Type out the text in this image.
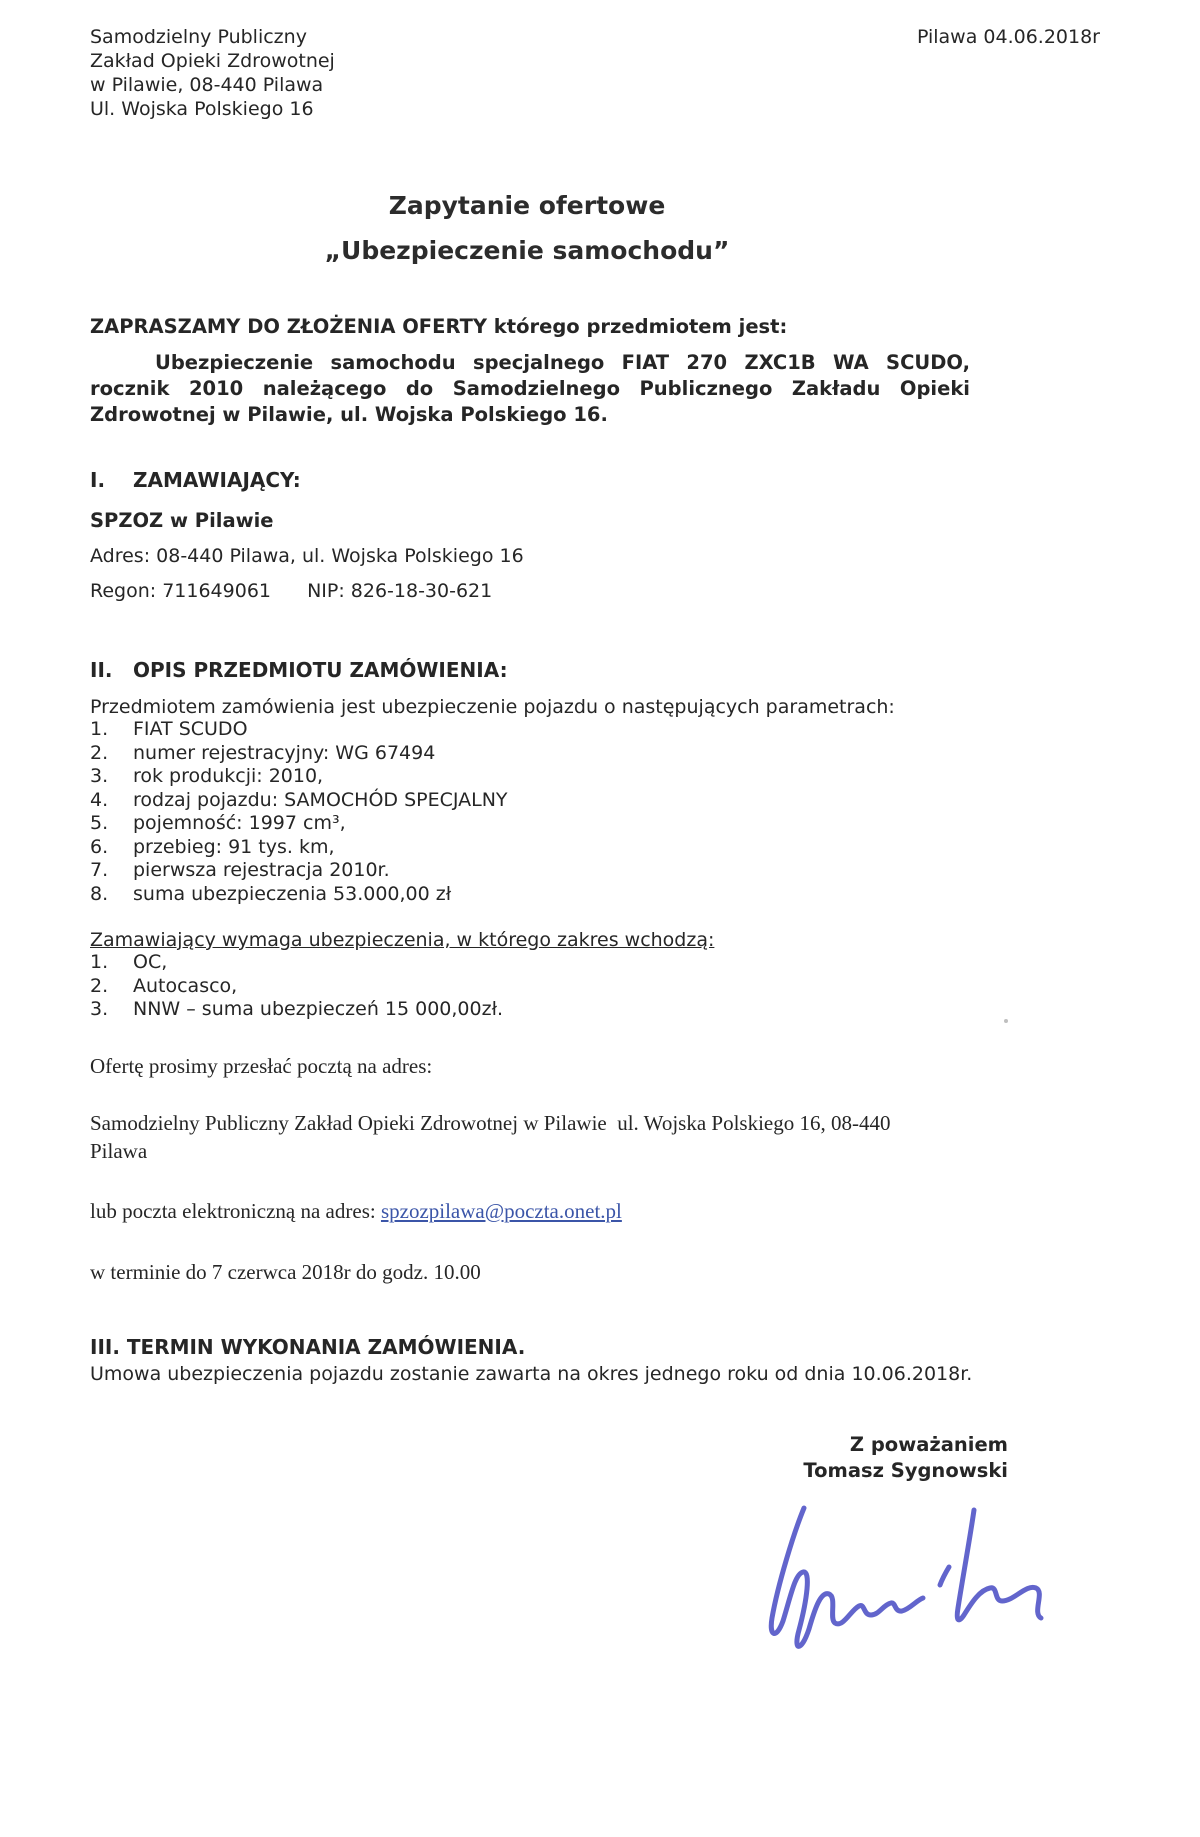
Samodzielny Publiczny
Zakład Opieki Zdrowotnej
w Pilawie, 08-440 Pilawa
Ul. Wojska Polskiego 16
Pilawa 04.06.2018r
Zapytanie ofertowe
„Ubezpieczenie samochodu”
ZAPRASZAMY DO ZŁOŻENIA OFERTY którego przedmiotem jest:
Ubezpieczenie samochodu specjalnego FIAT 270 ZXC1B WA SCUDO, rocznik 2010 należącego do Samodzielnego Publicznego Zakładu Opieki Zdrowotnej w Pilawie, ul. Wojska Polskiego 16.
I.	ZAMAWIAJĄCY:
SPZOZ w Pilawie
Adres: 08-440 Pilawa, ul. Wojska Polskiego 16
Regon: 711649061 NIP: 826-18-30-621
II.	OPIS PRZEDMIOTU ZAMÓWIENIA:
Przedmiotem zamówienia jest ubezpieczenie pojazdu o następujących parametrach:
1.	FIAT SCUDO
2.	numer rejestracyjny: WG 67494
3.	rok produkcji: 2010,
4.	rodzaj pojazdu: SAMOCHÓD SPECJALNY
5.	pojemność: 1997 cm³,
6.	przebieg: 91 tys. km,
7.	pierwsza rejestracja 2010r.
8.	suma ubezpieczenia 53.000,00 zł
Zamawiający wymaga ubezpieczenia, w którego zakres wchodzą:
1.	OC,
2.	Autocasco,
3.	NNW – suma ubezpieczeń 15 000,00zł.
Ofertę prosimy przesłać pocztą na adres:
Samodzielny Publiczny Zakład Opieki Zdrowotnej w Pilawie  ul. Wojska Polskiego 16, 08-440 Pilawa
lub poczta elektroniczną na adres: spzozpilawa@poczta.onet.pl
w terminie do 7 czerwca 2018r do godz. 10.00
III. TERMIN WYKONANIA ZAMÓWIENIA.
Umowa ubezpieczenia pojazdu zostanie zawarta na okres jednego roku od dnia 10.06.2018r.
Z poważaniem
Tomasz Sygnowski
